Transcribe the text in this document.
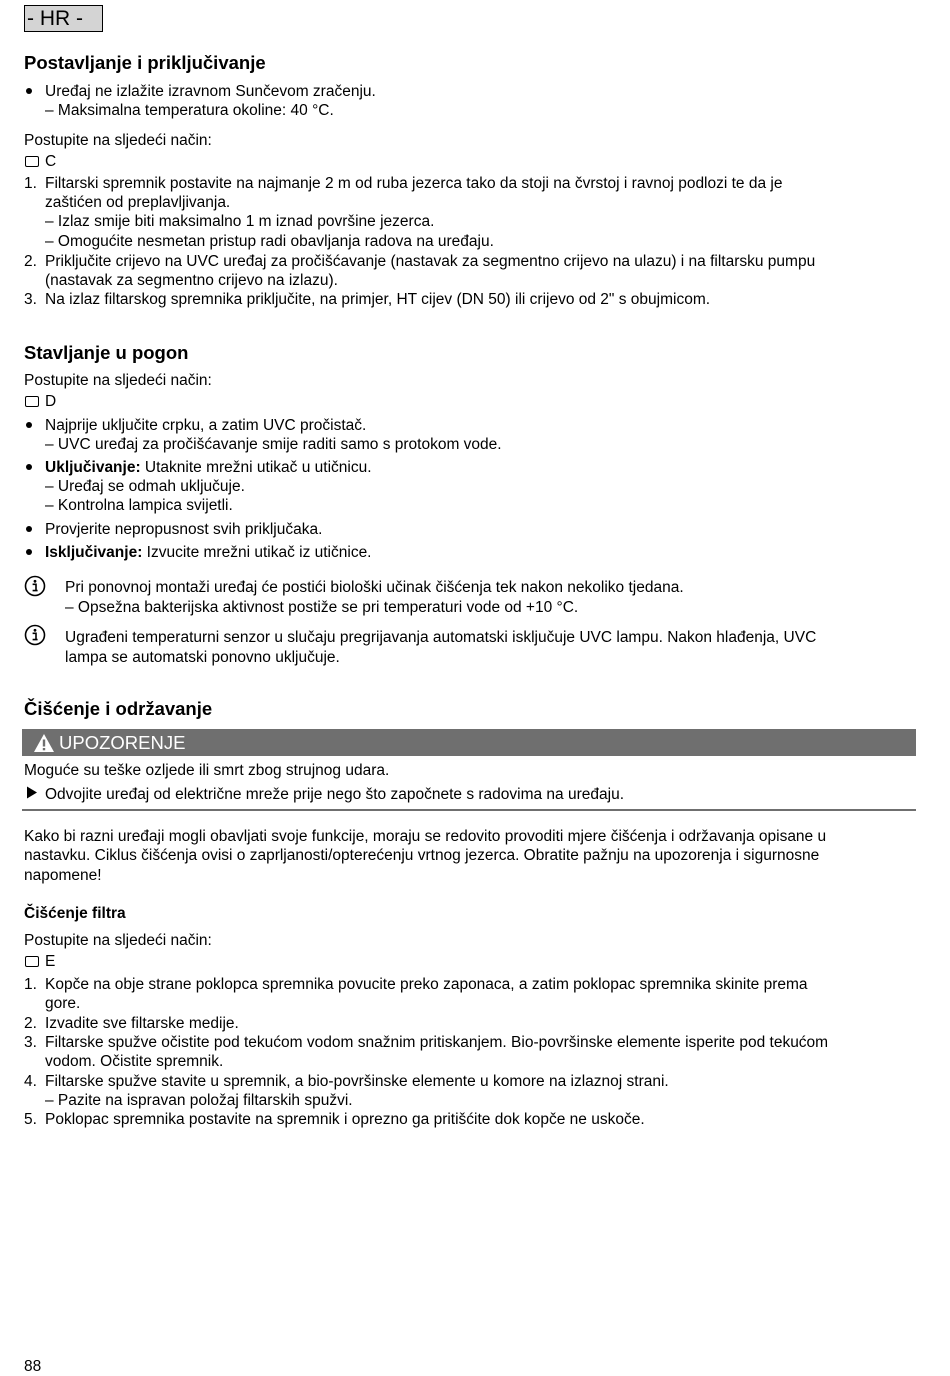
- HR -
Postavljanje i priključivanje
Uređaj ne izlažite izravnom Sunčevom zračenju.
– Maksimalna temperatura okoline: 40 °C.
Postupite na sljedeći način:
C
1. Filtarski spremnik postavite na najmanje 2 m od ruba jezerca tako da stoji na čvrstoj i ravnoj podlozi te da je
zaštićen od preplavljivanja.
– Izlaz smije biti maksimalno 1 m iznad površine jezerca.
– Omogućite nesmetan pristup radi obavljanja radova na uređaju.
2. Priključite crijevo na UVC uređaj za pročišćavanje (nastavak za segmentno crijevo na ulazu) i na filtarsku pumpu
(nastavak za segmentno crijevo na izlazu).
3. Na izlaz filtarskog spremnika priključite, na primjer, HT cijev (DN 50) ili crijevo od 2" s obujmicom.
Stavljanje u pogon
Postupite na sljedeći način:
D
Najprije uključite crpku, a zatim UVC pročistač.
– UVC uređaj za pročišćavanje smije raditi samo s protokom vode.
Uključivanje: Utaknite mrežni utikač u utičnicu.
– Uređaj se odmah uključuje.
– Kontrolna lampica svijetli.
Provjerite nepropusnost svih priključaka.
Isključivanje: Izvucite mrežni utikač iz utičnice.
Pri ponovnoj montaži uređaj će postići biološki učinak čišćenja tek nakon nekoliko tjedana.
– Opsežna bakterijska aktivnost postiže se pri temperaturi vode od +10 °C.
Ugrađeni temperaturni senzor u slučaju pregrijavanja automatski isključuje UVC lampu. Nakon hlađenja, UVC
lampa se automatski ponovno uključuje.
Čišćenje i održavanje
UPOZORENJE
Moguće su teške ozljede ili smrt zbog strujnog udara.
Odvojite uređaj od električne mreže prije nego što započnete s radovima na uređaju.
Kako bi razni uređaji mogli obavljati svoje funkcije, moraju se redovito provoditi mjere čišćenja i održavanja opisane u
nastavku. Ciklus čišćenja ovisi o zaprljanosti/opterećenju vrtnog jezerca. Obratite pažnju na upozorenja i sigurnosne
napomene!
Čišćenje filtra
Postupite na sljedeći način:
E
1. Kopče na obje strane poklopca spremnika povucite preko zaponaca, a zatim poklopac spremnika skinite prema
gore.
2. Izvadite sve filtarske medije.
3. Filtarske spužve očistite pod tekućom vodom snažnim pritiskanjem. Bio-površinske elemente isperite pod tekućom
vodom. Očistite spremnik.
4. Filtarske spužve stavite u spremnik, a bio-površinske elemente u komore na izlaznoj strani.
– Pazite na ispravan položaj filtarskih spužvi.
5. Poklopac spremnika postavite na spremnik i oprezno ga pritišćite dok kopče ne uskoče.
88
